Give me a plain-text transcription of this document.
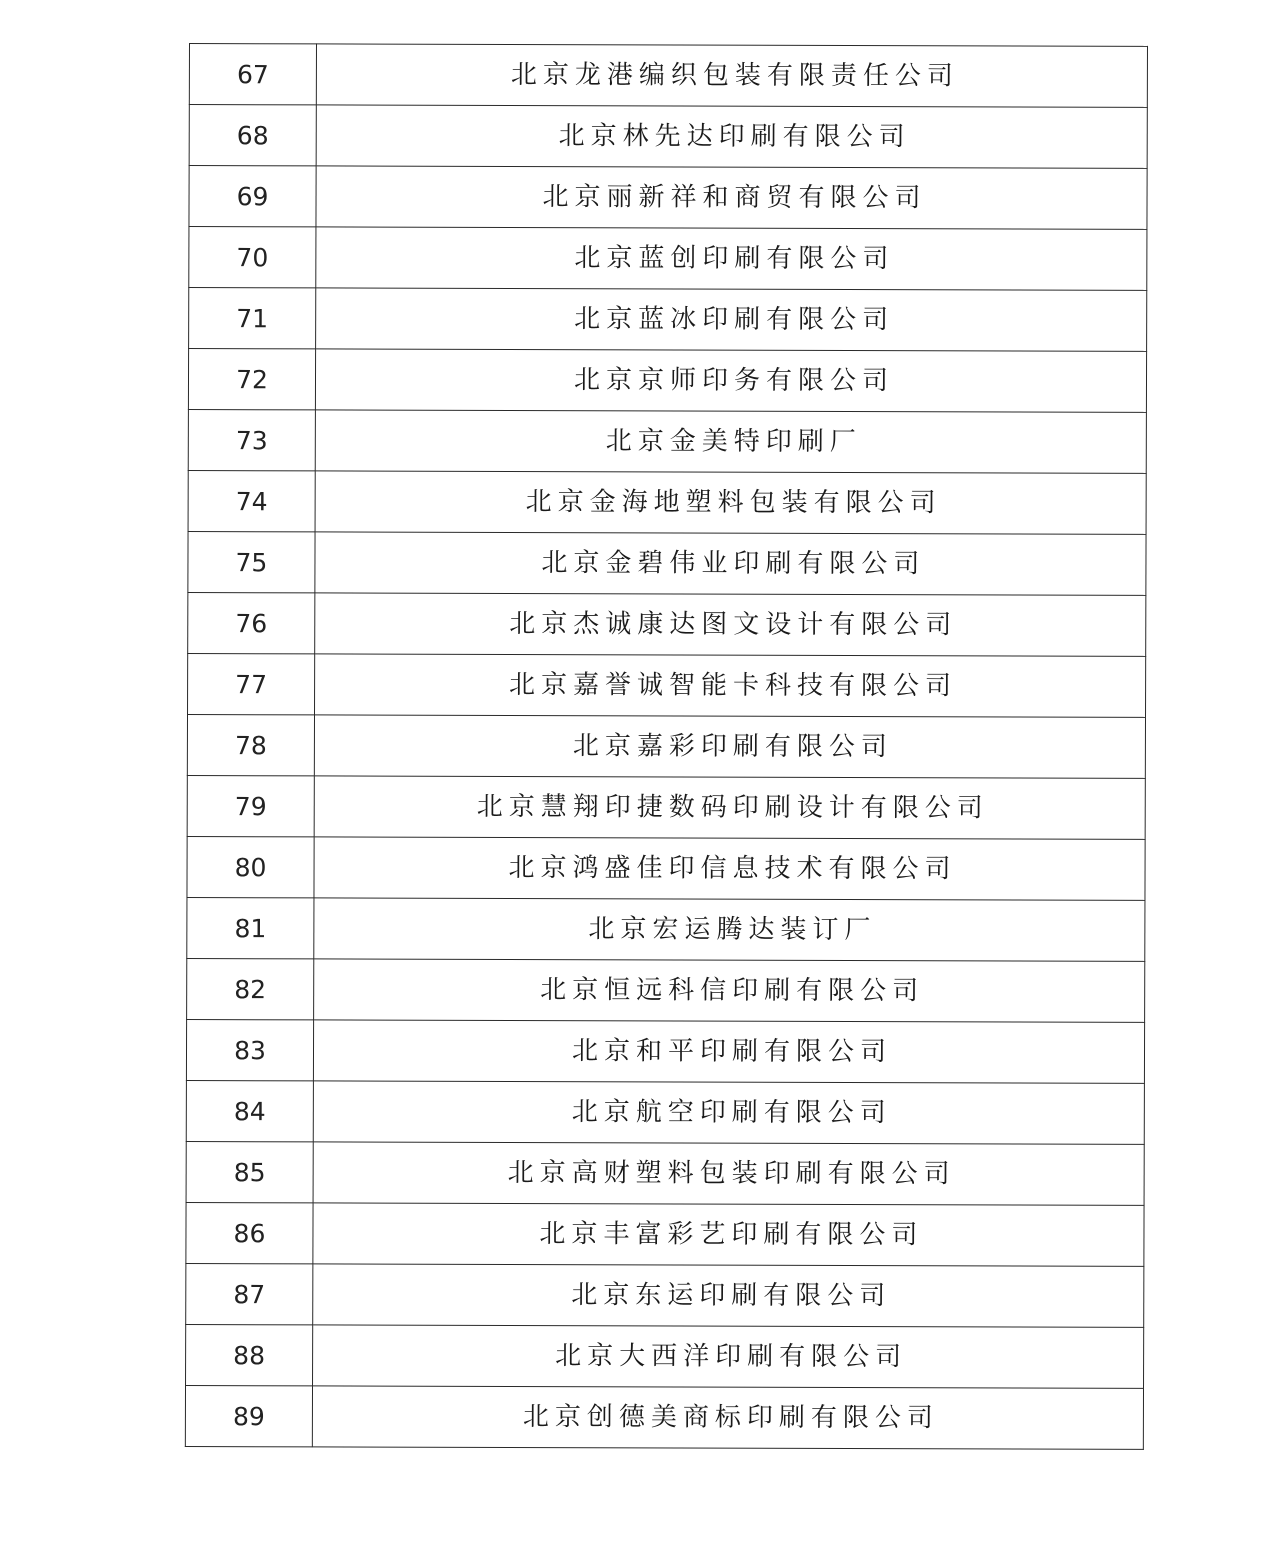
67	北京龙港编织包装有限责任公司
68	北京林先达印刷有限公司
69	北京丽新祥和商贸有限公司
70	北京蓝创印刷有限公司
71	北京蓝冰印刷有限公司
72	北京京师印务有限公司
73	北京金美特印刷厂
74	北京金海地塑料包装有限公司
75	北京金碧伟业印刷有限公司
76	北京杰诚康达图文设计有限公司
77	北京嘉誉诚智能卡科技有限公司
78	北京嘉彩印刷有限公司
79	北京慧翔印捷数码印刷设计有限公司
80	北京鸿盛佳印信息技术有限公司
81	北京宏运腾达装订厂
82	北京恒远科信印刷有限公司
83	北京和平印刷有限公司
84	北京航空印刷有限公司
85	北京高财塑料包装印刷有限公司
86	北京丰富彩艺印刷有限公司
87	北京东运印刷有限公司
88	北京大西洋印刷有限公司
89	北京创德美商标印刷有限公司
